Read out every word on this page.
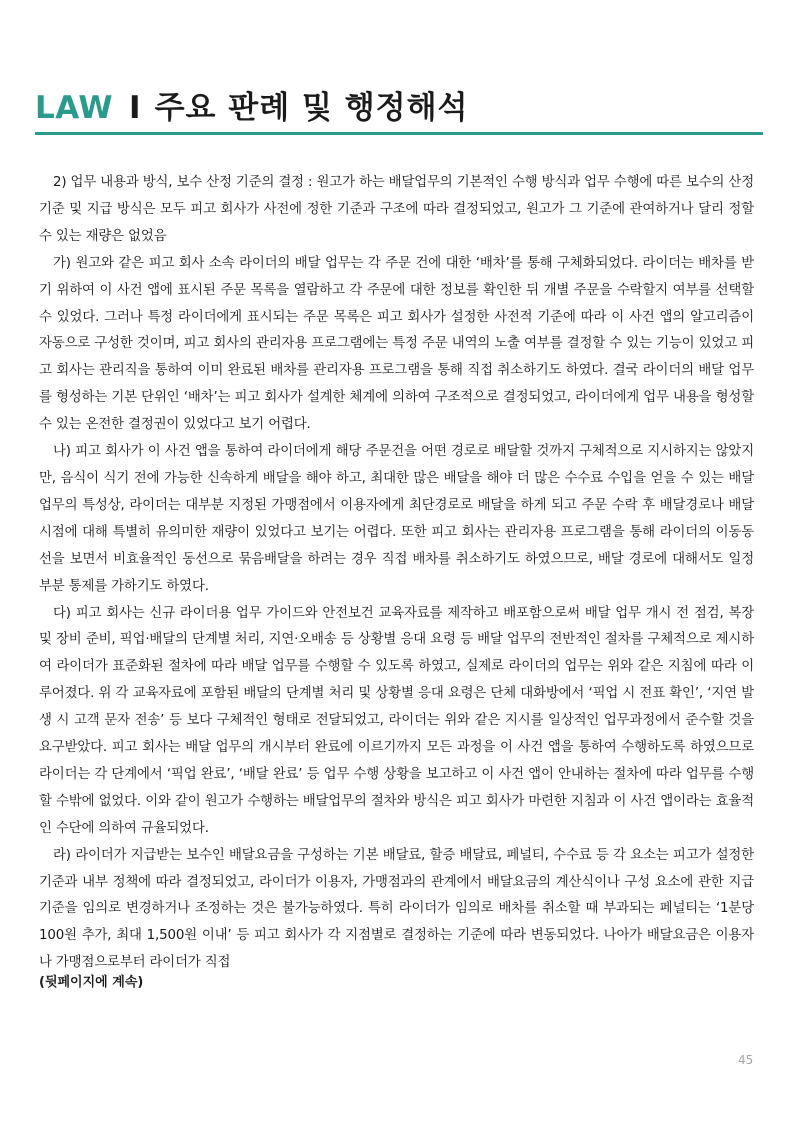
LAW I 주요 판례 및 행정해석

2) 업무 내용과 방식, 보수 산정 기준의 결정 : 원고가 하는 배달업무의 기본적인 수행 방식과 업무 수행에 따른 보수의 산정 기준 및 지급 방식은 모두 피고 회사가 사전에 정한 기준과 구조에 따라 결정되었고, 원고가 그 기준에 관여하거나 달리 정할 수 있는 재량은 없었음

가) 원고와 같은 피고 회사 소속 라이더의 배달 업무는 각 주문 건에 대한 ‘배차’를 통해 구체화되었다. 라이더는 배차를 받기 위하여 이 사건 앱에 표시된 주문 목록을 열람하고 각 주문에 대한 정보를 확인한 뒤 개별 주문을 수락할지 여부를 선택할 수 있었다. 그러나 특정 라이더에게 표시되는 주문 목록은 피고 회사가 설정한 사전적 기준에 따라 이 사건 앱의 알고리즘이 자동으로 구성한 것이며, 피고 회사의 관리자용 프로그램에는 특정 주문 내역의 노출 여부를 결정할 수 있는 기능이 있었고 피고 회사는 관리직을 통하여 이미 완료된 배차를 관리자용 프로그램을 통해 직접 취소하기도 하였다. 결국 라이더의 배달 업무를 형성하는 기본 단위인 ‘배차’는 피고 회사가 설계한 체계에 의하여 구조적으로 결정되었고, 라이더에게 업무 내용을 형성할 수 있는 온전한 결정권이 있었다고 보기 어렵다.

나) 피고 회사가 이 사건 앱을 통하여 라이더에게 해당 주문건을 어떤 경로로 배달할 것까지 구체적으로 지시하지는 않았지만, 음식이 식기 전에 가능한 신속하게 배달을 해야 하고, 최대한 많은 배달을 해야 더 많은 수수료 수입을 얻을 수 있는 배달업무의 특성상, 라이더는 대부분 지정된 가맹점에서 이용자에게 최단경로로 배달을 하게 되고 주문 수락 후 배달경로나 배달 시점에 대해 특별히 유의미한 재량이 있었다고 보기는 어렵다. 또한 피고 회사는 관리자용 프로그램을 통해 라이더의 이동동선을 보면서 비효율적인 동선으로 묶음배달을 하려는 경우 직접 배차를 취소하기도 하였으므로, 배달 경로에 대해서도 일정 부분 통제를 가하기도 하였다.

다) 피고 회사는 신규 라이더용 업무 가이드와 안전보건 교육자료를 제작하고 배포함으로써 배달 업무 개시 전 점검, 복장 및 장비 준비, 픽업·배달의 단계별 처리, 지연·오배송 등 상황별 응대 요령 등 배달 업무의 전반적인 절차를 구체적으로 제시하여 라이더가 표준화된 절차에 따라 배달 업무를 수행할 수 있도록 하였고, 실제로 라이더의 업무는 위와 같은 지침에 따라 이루어졌다. 위 각 교육자료에 포함된 배달의 단계별 처리 및 상황별 응대 요령은 단체 대화방에서 ‘픽업 시 전표 확인’, ‘지연 발생 시 고객 문자 전송’ 등 보다 구체적인 형태로 전달되었고, 라이더는 위와 같은 지시를 일상적인 업무과정에서 준수할 것을 요구받았다. 피고 회사는 배달 업무의 개시부터 완료에 이르기까지 모든 과정을 이 사건 앱을 통하여 수행하도록 하였으므로 라이더는 각 단계에서 ‘픽업 완료’, ‘배달 완료’ 등 업무 수행 상황을 보고하고 이 사건 앱이 안내하는 절차에 따라 업무를 수행할 수밖에 없었다. 이와 같이 원고가 수행하는 배달업무의 절차와 방식은 피고 회사가 마련한 지침과 이 사건 앱이라는 효율적인 수단에 의하여 규율되었다.

라) 라이더가 지급받는 보수인 배달요금을 구성하는 기본 배달료, 할증 배달료, 페널티, 수수료 등 각 요소는 피고가 설정한 기준과 내부 정책에 따라 결정되었고, 라이더가 이용자, 가맹점과의 관계에서 배달요금의 계산식이나 구성 요소에 관한 지급기준을 임의로 변경하거나 조정하는 것은 불가능하였다. 특히 라이더가 임의로 배차를 취소할 때 부과되는 페널티는 ‘1분당 100원 추가, 최대 1,500원 이내’ 등 피고 회사가 각 지점별로 결정하는 기준에 따라 변동되었다. 나아가 배달요금은 이용자나 가맹점으로부터 라이더가 직접

(뒷페이지에 계속)
45
